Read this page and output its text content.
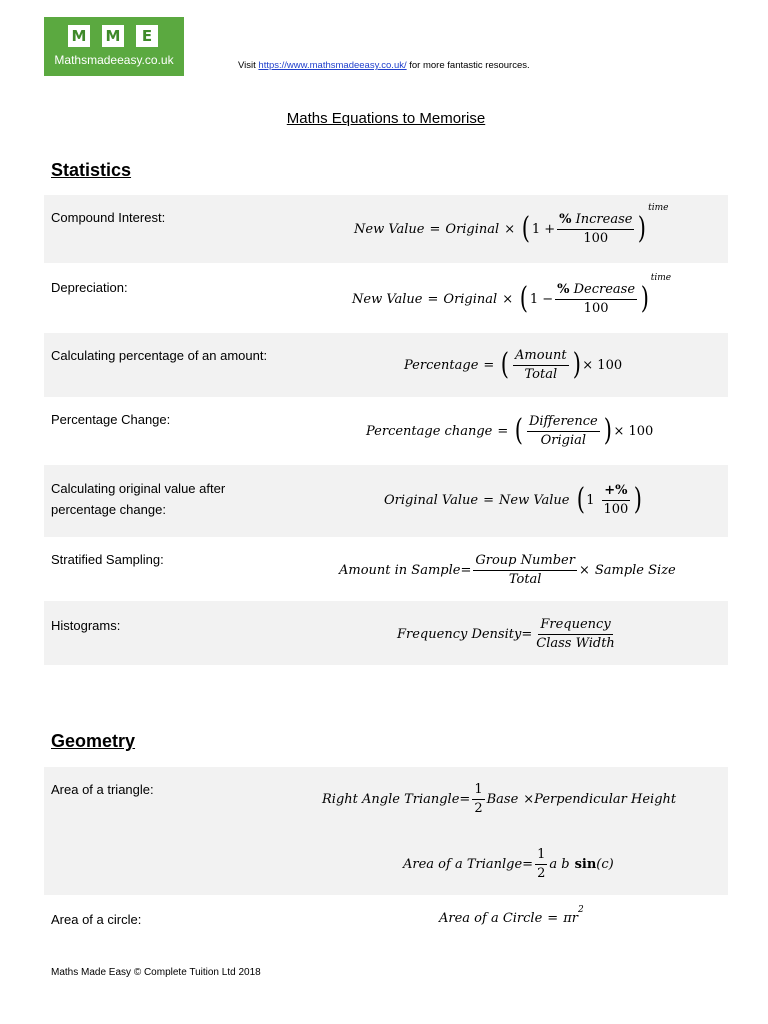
M M	E
Mathsmadeeasy.co.uk	Visit https://www.mathsmadeeasy.co.uk/ for more fantastic resources.
Maths Equations to Memorise
Statistics
Compound Interest:
New Value = Original × ( $1 + \frac{\text{\% Increase}}{100}$ )
time
Depreciation:
New Value = Original × ( $1 - \frac{\text{\% Decrease}}{100}$ )
time
Calculating percentage of an amount:
Percentage = ( $\frac{\text{Amount}}{\text{Total}}$ ) × 100
Percentage Change:
Percentage change = ( $\frac{\text{Difference}}{\text{Origial}}$ ) × 100
Calculating original value after percentage change:
Original Value = New Value ( $1 \frac{+\%}{100}$ )
Stratified Sampling:
Amount in Sample = $\frac{\text{Group Number}}{\text{Total}}$ × Sample Size
Histograms:
Frequency Density = $\frac{\text{Frequency}}{\text{Class Width}}$
Geometry
Area of a triangle:
Right Angle Triangle = $\frac{1}{2}$ Base × Perpendicular Height
Area of a Trianlge = $\frac{1}{2}$ a b sin (c)
Area of a circle:	Area of a Circle = πr
2
Maths Made Easy © Complete Tuition Ltd 2018
